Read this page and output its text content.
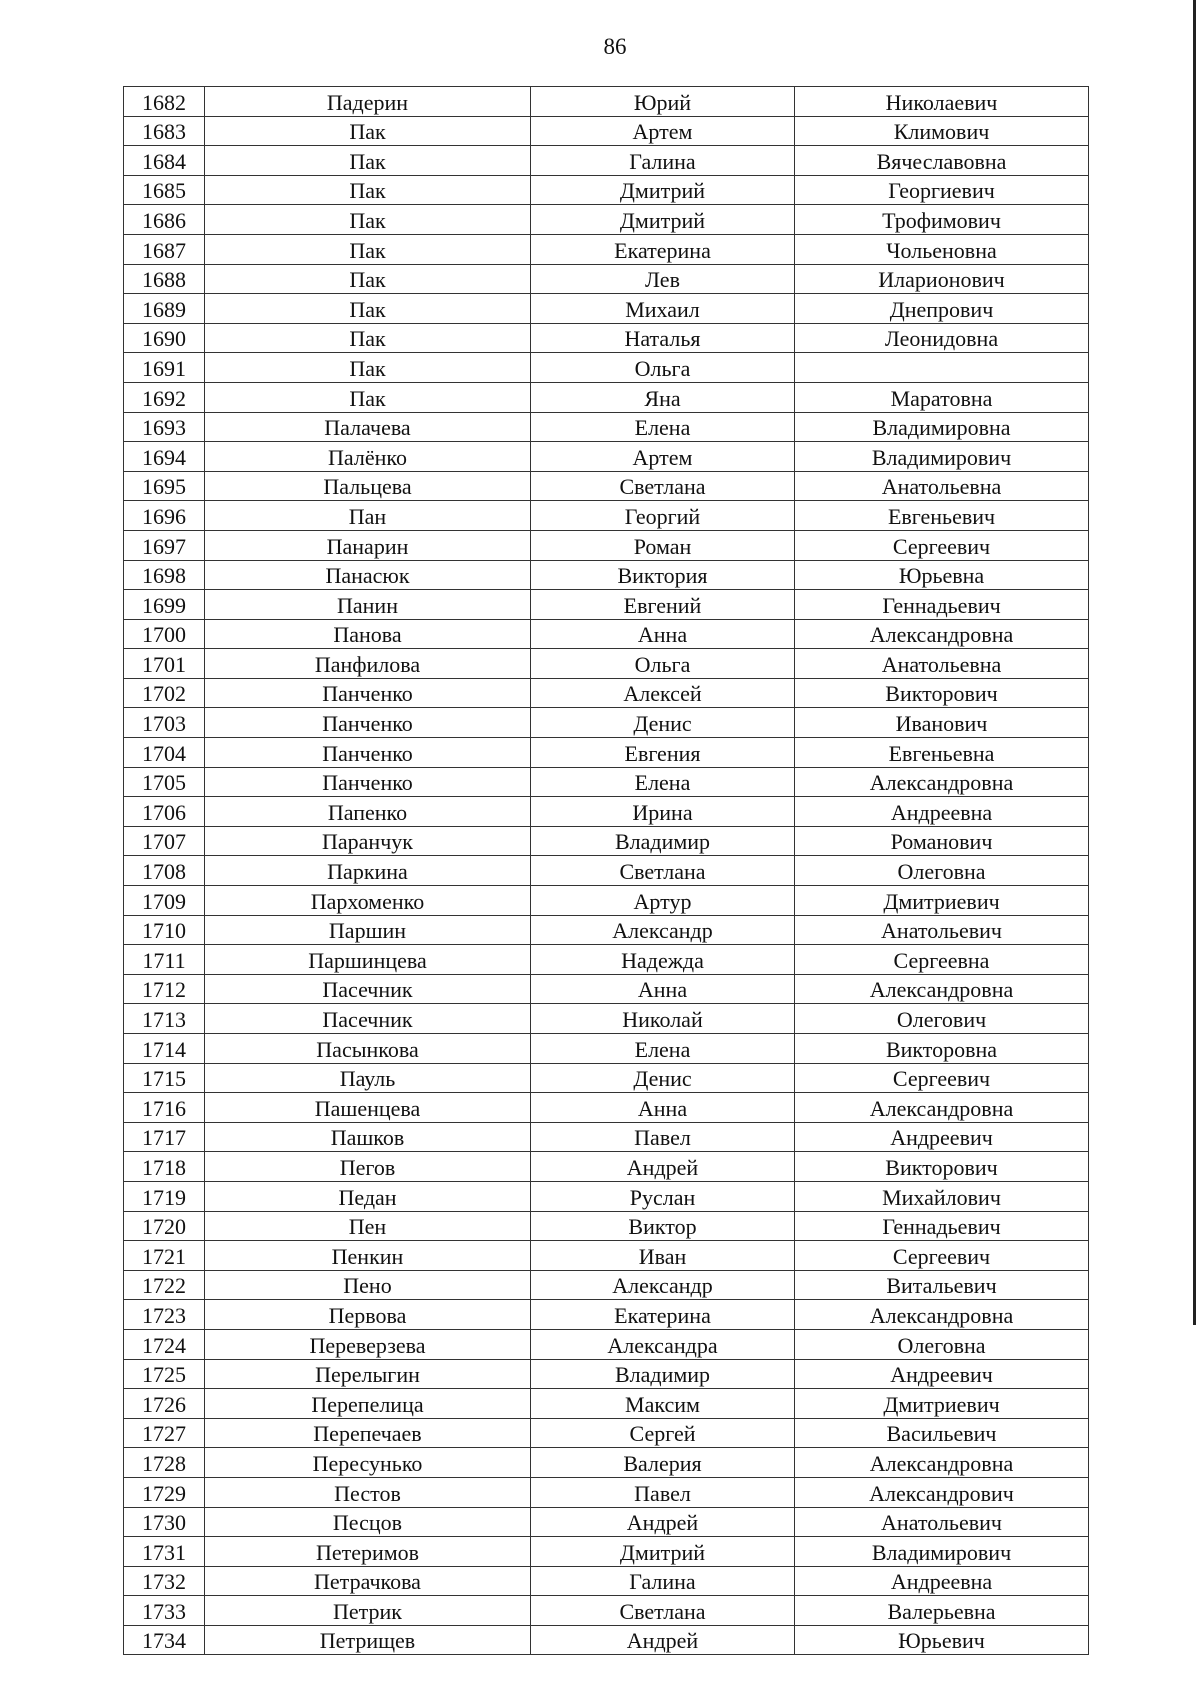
86
1682	Падерин	Юрий	Николаевич
1683	Пак	Артем	Климович
1684	Пак	Галина	Вячеславовна
1685	Пак	Дмитрий	Георгиевич
1686	Пак	Дмитрий	Трофимович
1687	Пак	Екатерина	Чольеновна
1688	Пак	Лев	Иларионович
1689	Пак	Михаил	Днепрович
1690	Пак	Наталья	Леонидовна
1691	Пак	Ольга	
1692	Пак	Яна	Маратовна
1693	Палачева	Елена	Владимировна
1694	Палёнко	Артем	Владимирович
1695	Пальцева	Светлана	Анатольевна
1696	Пан	Георгий	Евгеньевич
1697	Панарин	Роман	Сергеевич
1698	Панасюк	Виктория	Юрьевна
1699	Панин	Евгений	Геннадьевич
1700	Панова	Анна	Александровна
1701	Панфилова	Ольга	Анатольевна
1702	Панченко	Алексей	Викторович
1703	Панченко	Денис	Иванович
1704	Панченко	Евгения	Евгеньевна
1705	Панченко	Елена	Александровна
1706	Папенко	Ирина	Андреевна
1707	Паранчук	Владимир	Романович
1708	Паркина	Светлана	Олеговна
1709	Пархоменко	Артур	Дмитриевич
1710	Паршин	Александр	Анатольевич
1711	Паршинцева	Надежда	Сергеевна
1712	Пасечник	Анна	Александровна
1713	Пасечник	Николай	Олегович
1714	Пасынкова	Елена	Викторовна
1715	Пауль	Денис	Сергеевич
1716	Пашенцева	Анна	Александровна
1717	Пашков	Павел	Андреевич
1718	Пегов	Андрей	Викторович
1719	Педан	Руслан	Михайлович
1720	Пен	Виктор	Геннадьевич
1721	Пенкин	Иван	Сергеевич
1722	Пено	Александр	Витальевич
1723	Первова	Екатерина	Александровна
1724	Переверзева	Александра	Олеговна
1725	Перелыгин	Владимир	Андреевич
1726	Перепелица	Максим	Дмитриевич
1727	Перепечаев	Сергей	Васильевич
1728	Пересунько	Валерия	Александровна
1729	Пестов	Павел	Александрович
1730	Песцов	Андрей	Анатольевич
1731	Петеримов	Дмитрий	Владимирович
1732	Петрачкова	Галина	Андреевна
1733	Петрик	Светлана	Валерьевна
1734	Петрищев	Андрей	Юрьевич
